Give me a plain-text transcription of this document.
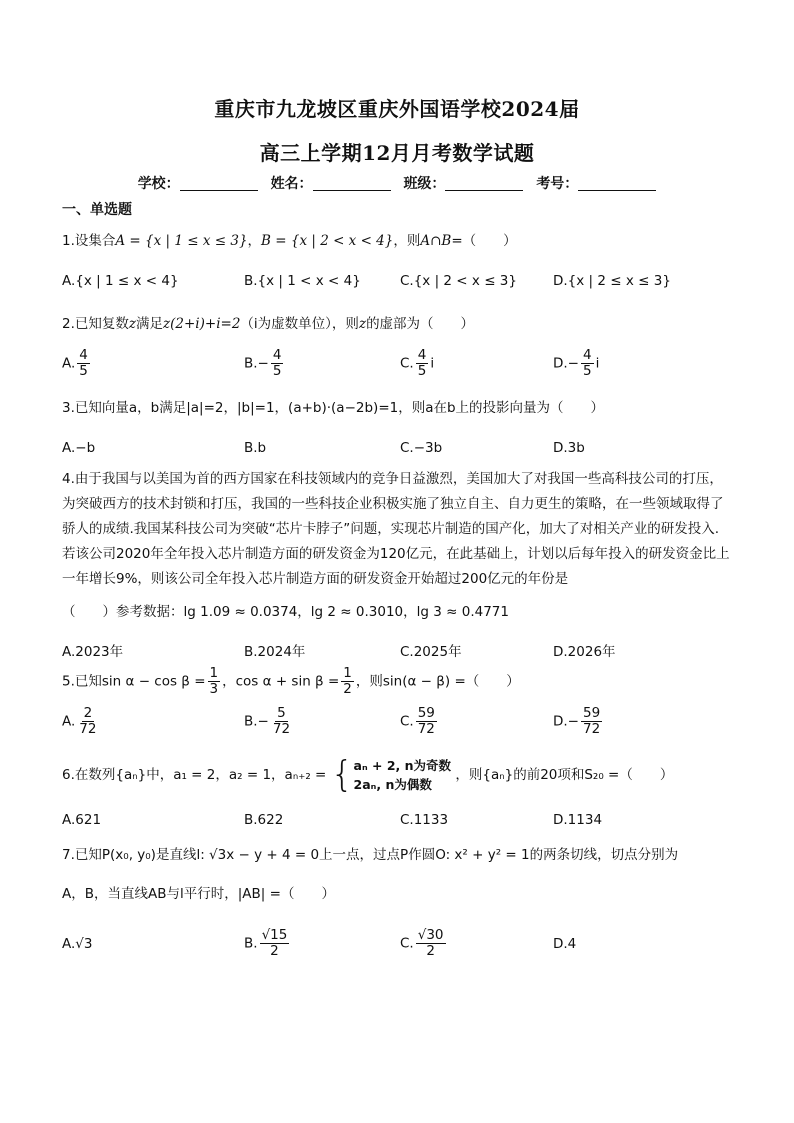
重庆市九龙坡区重庆外国语学校2024届
高三上学期12月月考数学试题
学校：	姓名：	班级：	考号：
一、单选题
1.设集合A = {x | 1 ≤ x ≤ 3}，B = {x | 2 < x < 4}，则A∩B=（　　）
A.{x | 1 ≤ x < 4}	B.{x | 1 < x < 4}	C.{x | 2 < x ≤ 3}	D.{x | 2 ≤ x ≤ 3}
2.已知复数z满足z(2+i)+i=2（i为虚数单位），则z的虚部为（　　）
A. $\frac{4}{5}$	$B.- \frac{4}{5}$	C. $\frac{4}{5}$ i	$D.- \frac{4}{5}$ i
3.已知向量a，b满足|a|=2，|b|=1，(a+b)·(a−2b)=1，则a在b上的投影向量为（　　）
A.−b	B.b	C.−3b	D.3b
4.由于我国与以美国为首的西方国家在科技领域内的竞争日益激烈，美国加大了对我国一些高科技公司的打压，为突破西方的技术封锁和打压，我国的一些科技企业积极实施了独立自主、自力更生的策略，在一些领域取得了骄人的成绩.我国某科技公司为突破“芯片卡脖子”问题，实现芯片制造的国产化，加大了对相关产业的研发投入.若该公司2020年全年投入芯片制造方面的研发资金为120亿元，在此基础上，计划以后每年投入的研发资金比上一年增长9%，则该公司全年投入芯片制造方面的研发资金开始超过200亿元的年份是
（　　）参考数据：lg 1.09 ≈ 0.0374，lg 2 ≈ 0.3010，lg 3 ≈ 0.4771
A.2023年	B.2024年	C.2025年	D.2026年
5.已知$\sin \alpha - \cos \beta = \frac{1}{3}$ ，$\cos \alpha + \sin \beta = \frac{1}{2}$ ，则sin(α − β) =（　　）
A. $\frac{2}{72}$	$B.- \frac{5}{72}$	C. $\frac{59}{72}$	$D.- \frac{59}{72}$
6.在数列{aₙ}中，a₁ = 2，a₂ = 1，aₙ₊₂ = { aₙ + 2, n为奇数
2aₙ, n为偶数
，则{aₙ}的前20项和S₂₀ =（　　）
A.621	B.622	C.1133	D.1134
7.已知P(x₀, y₀)是直线l: √3x − y + 4 = 0上一点，过点P作圆O: x² + y² = 1的两条切线，切点分别为
A，B，当直线AB与l平行时，|AB| =（　　）
A.√3	B. $\frac{√15}{2}$	C. $\frac{√30}{2}$	D.4
